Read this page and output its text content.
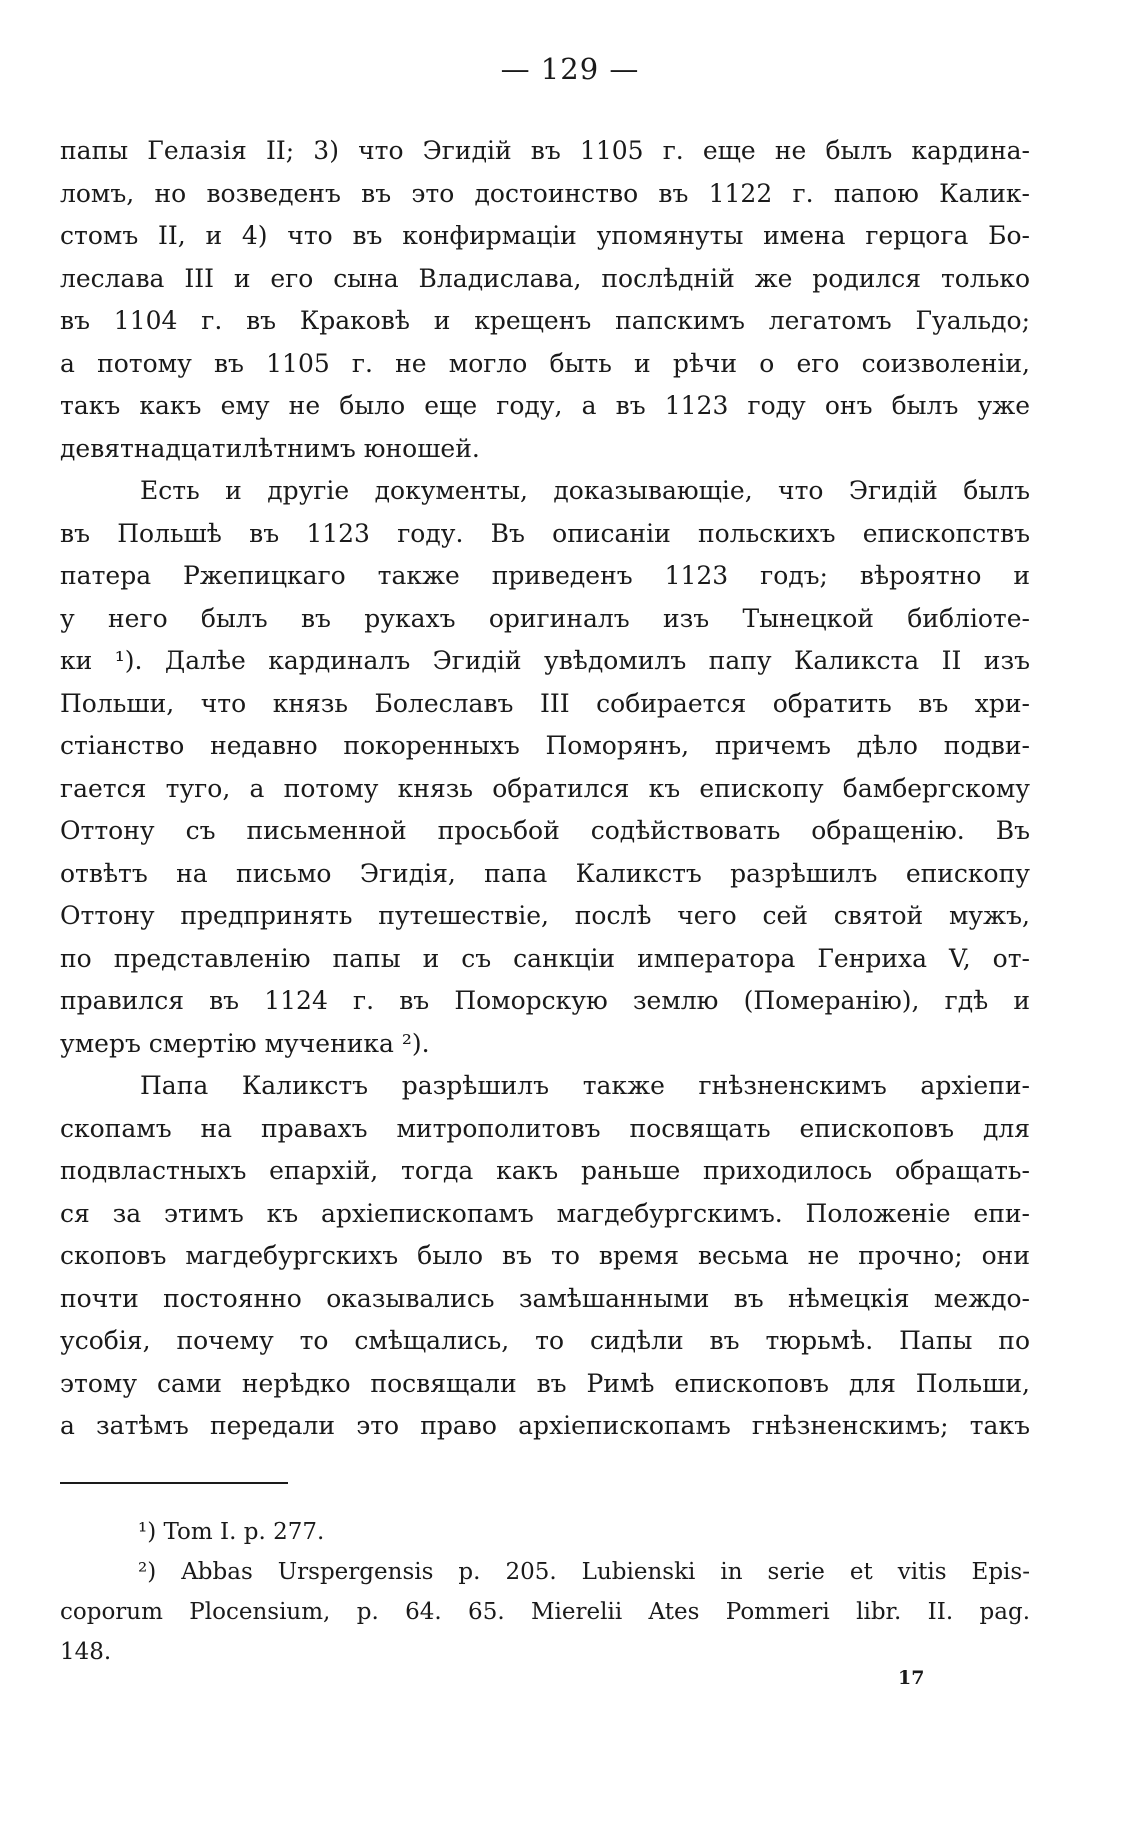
— 129 —
папы Гелазія II; 3) что Эгидій въ 1105 г. еще не былъ кардина-
ломъ, но возведенъ въ это достоинство въ 1122 г. папою Калик-
стомъ II, и 4) что въ конфирмаціи упомянуты имена герцога Бо-
леслава III и его сына Владислава, послѣдній же родился только
въ 1104 г. въ Краковѣ и крещенъ папскимъ легатомъ Гуальдо;
а потому въ 1105 г. не могло быть и рѣчи о его соизволеніи,
такъ какъ ему не было еще году, а въ 1123 году онъ былъ уже
девятнадцатилѣтнимъ юношей.
Есть и другіе документы, доказывающіе, что Эгидій былъ
въ Польшѣ въ 1123 году. Въ описаніи польскихъ епископствъ
патера Ржепицкаго также приведенъ 1123 годъ; вѣроятно и
у него былъ въ рукахъ оригиналъ изъ Тынецкой библіоте-
ки ¹). Далѣе кардиналъ Эгидій увѣдомилъ папу Каликста II изъ
Польши, что князь Болеславъ III собирается обратить въ хри-
стіанство недавно покоренныхъ Поморянъ, причемъ дѣло подви-
гается туго, а потому князь обратился къ епископу бамбергскому
Оттону съ письменной просьбой содѣйствовать обращенію. Въ
отвѣтъ на письмо Эгидія, папа Каликстъ разрѣшилъ епископу
Оттону предпринять путешествіе, послѣ чего сей святой мужъ,
по представленію папы и съ санкціи императора Генриха V, от-
правился въ 1124 г. въ Поморскую землю (Померанію), гдѣ и
умеръ смертію мученика ²).
Папа Каликстъ разрѣшилъ также гнѣзненскимъ архіепи-
скопамъ на правахъ митрополитовъ посвящать епископовъ для
подвластныхъ епархій, тогда какъ раньше приходилось обращать-
ся за этимъ къ архіепископамъ магдебургскимъ. Положеніе епи-
скоповъ магдебургскихъ было въ то время весьма не прочно; они
почти постоянно оказывались замѣшанными въ нѣмецкія междо-
усобія, почему то смѣщались, то сидѣли въ тюрьмѣ. Папы по
этому сами нерѣдко посвящали въ Римѣ епископовъ для Польши,
а затѣмъ передали это право архіепископамъ гнѣзненскимъ; такъ
¹) Tom I. p. 277.
²) Abbas Urspergensis p. 205. Lubienski in serie et vitis Epis-
coporum Plocensium, p. 64. 65. Mierelii Ates Pommeri libr. II. pag.
148.
17
